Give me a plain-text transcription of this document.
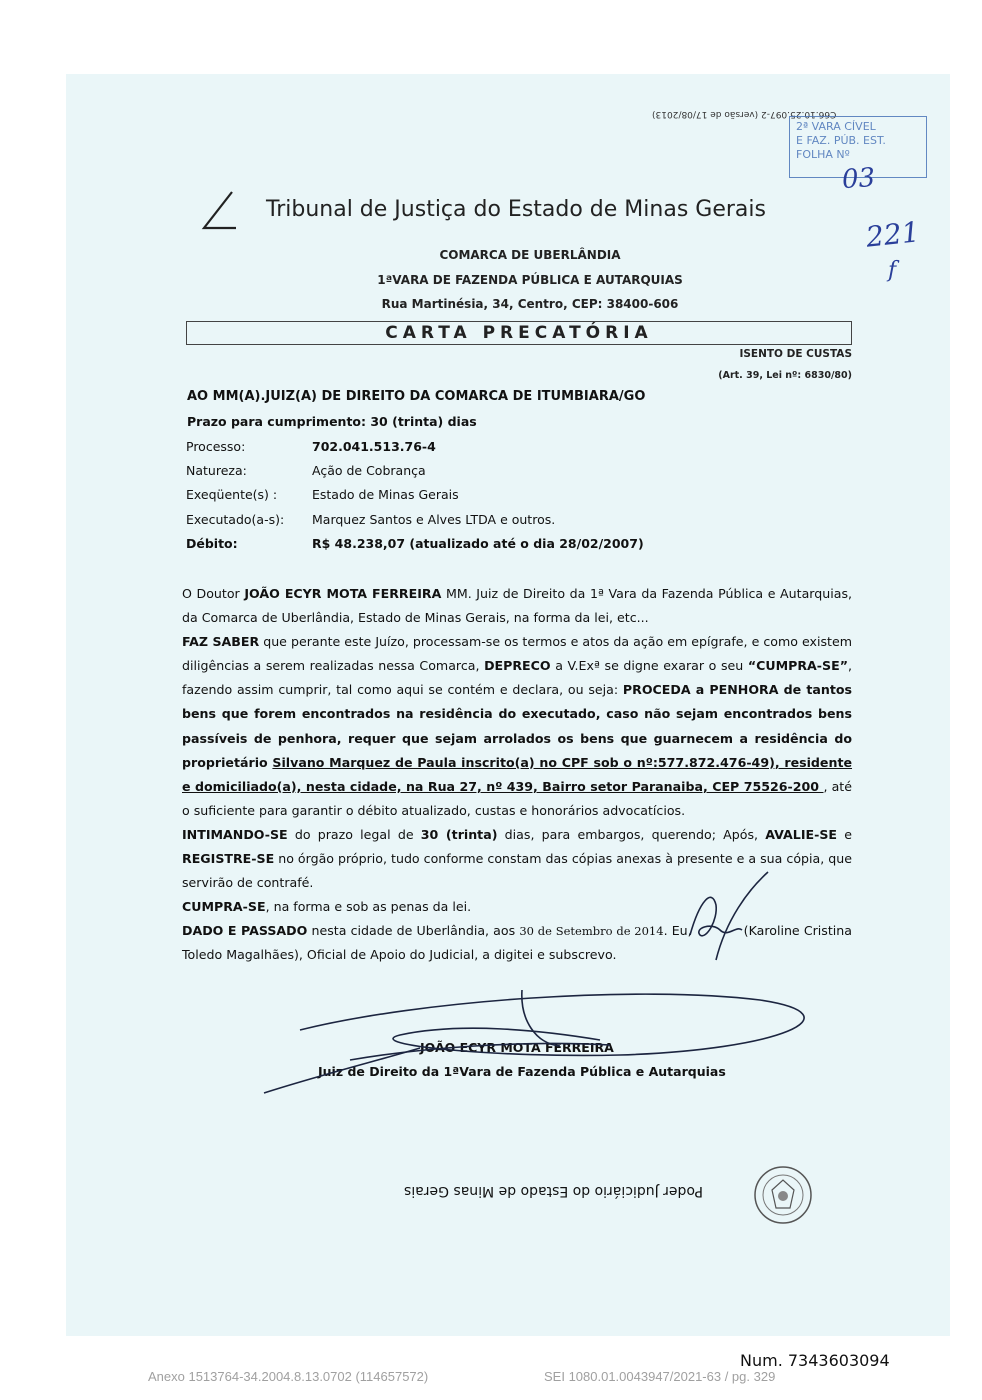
C66.10.25.097-2 (versão de 17/08/2013)
2ª VARA CÍVEL
E FAZ. PÚB. EST.
FOLHA Nº
03
221
f
Tribunal de Justiça do Estado de Minas Gerais
COMARCA DE UBERLÂNDIA
1ªVARA DE FAZENDA PÚBLICA E AUTARQUIAS
Rua Martinésia, 34, Centro, CEP: 38400-606
CARTA PRECATÓRIA
ISENTO DE CUSTAS
(Art. 39, Lei nº: 6830/80)
AO MM(A).JUIZ(A) DE DIREITO DA COMARCA DE ITUMBIARA/GO
Prazo para cumprimento: 30 (trinta) dias
Processo:	702.041.513.76-4
Natureza:	Ação de Cobrança
Exeqüente(s) :	Estado de Minas Gerais
Executado(a-s): Marquez Santos e Alves LTDA e outros.
Débito:	R$ 48.238,07 (atualizado até o dia 28/02/2007)

O Doutor JOÃO ECYR MOTA FERREIRA MM. Juiz de Direito da 1ª Vara da Fazenda Pública e Autarquias, da Comarca de Uberlândia, Estado de Minas Gerais, na forma da lei, etc...

FAZ SABER que perante este Juízo, processam-se os termos e atos da ação em epígrafe, e como existem diligências a serem realizadas nessa Comarca, DEPRECO a V.Exª se digne exarar o seu “CUMPRA-SE”, fazendo assim cumprir, tal como aqui se contém e declara, ou seja: PROCEDA a PENHORA de tantos bens que forem encontrados na residência do executado, caso não sejam encontrados bens passíveis de penhora, requer que sejam arrolados os bens que guarnecem a residência do proprietário Silvano Marquez de Paula inscrito(a) no CPF sob o nº:577.872.476-49), residente e domiciliado(a), nesta cidade, na Rua 27, nº 439, Bairro setor Paranaiba, CEP 75526-200 , até o suficiente para garantir o débito atualizado, custas e honorários advocatícios.

INTIMANDO-SE do prazo legal de 30 (trinta) dias, para embargos, querendo; Após, AVALIE-SE e REGISTRE-SE no órgão próprio, tudo conforme constam das cópias anexas à presente e a sua cópia, que servirão de contrafé.

CUMPRA-SE, na forma e sob as penas da lei.

DADO E PASSADO nesta cidade de Uberlândia, aos 30 de Setembro de 2014. Eu,	(Karoline Cristina Toledo Magalhães), Oficial de Apoio do Judicial, a digitei e subscrevo.

JOÃO ECYR MOTA FERREIRA
Juiz de Direito da 1ªVara de Fazenda Pública e Autarquias
Poder Judiciário do Estado de Minas Gerais
Num. 7343603094
Anexo 1513764-34.2004.8.13.0702 (114657572)	SEI 1080.01.0043947/2021-63 / pg. 329
